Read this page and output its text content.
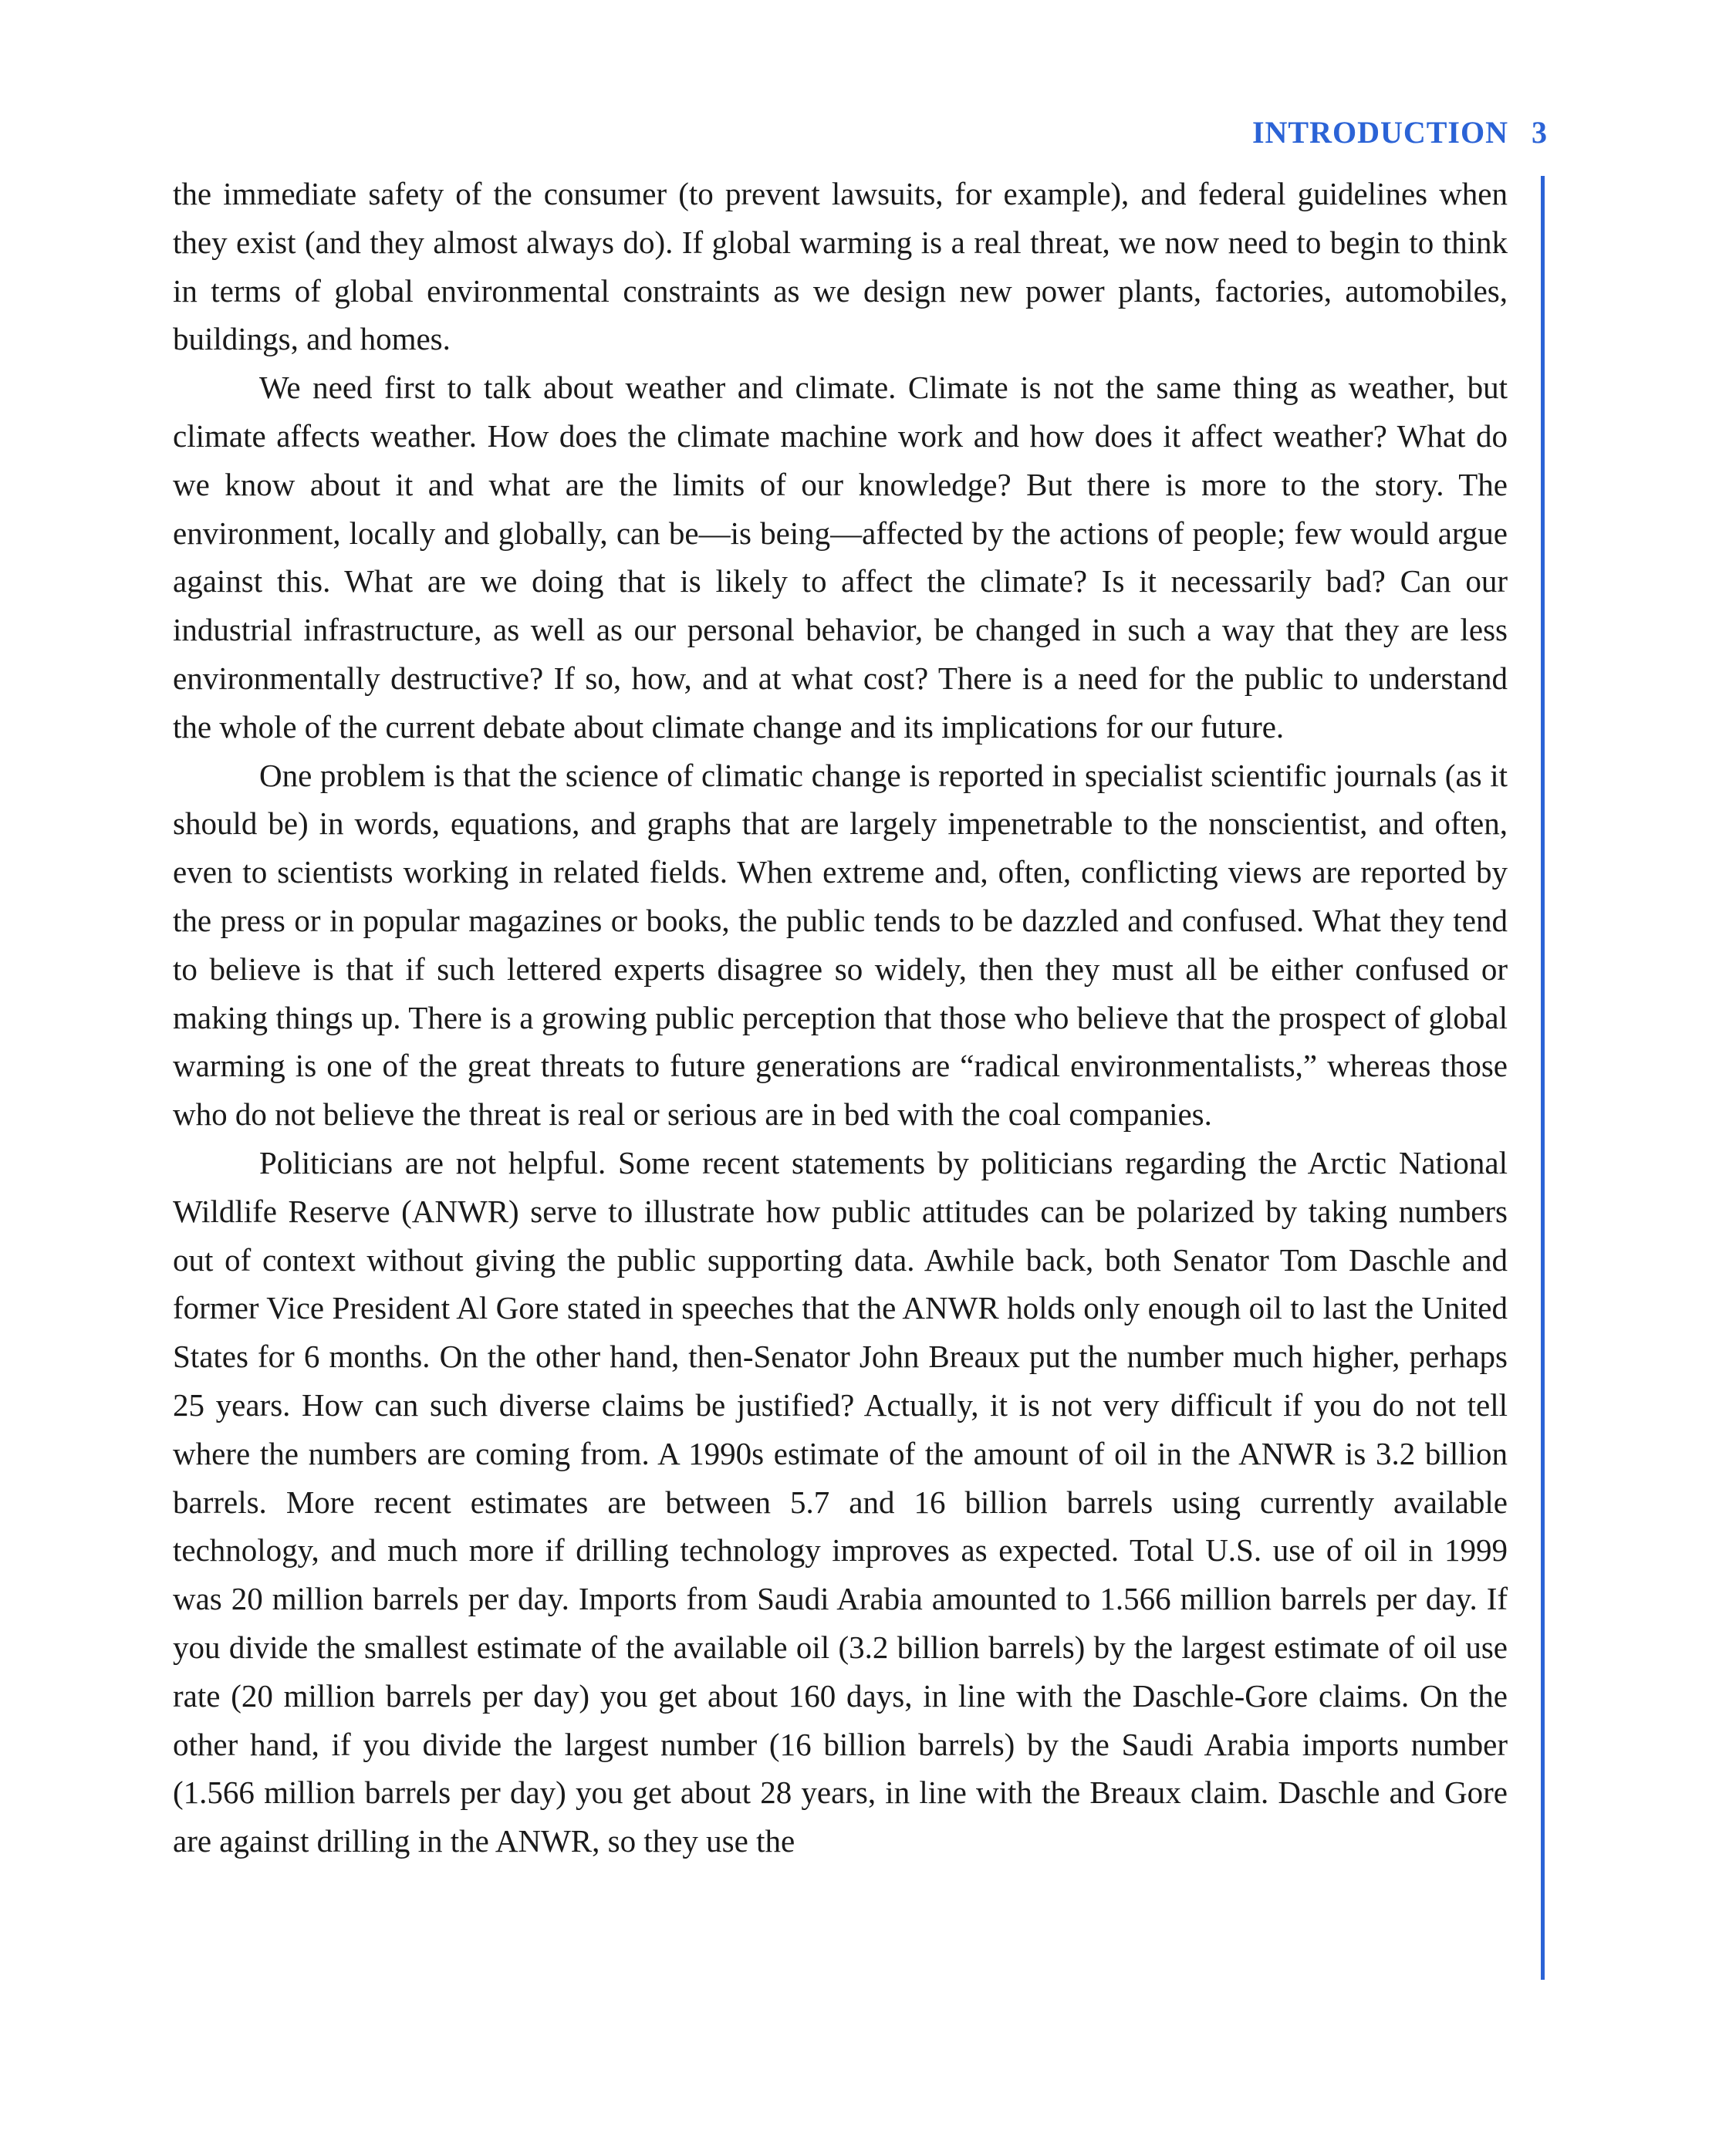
INTRODUCTION 3

the immediate safety of the consumer (to prevent lawsuits, for example), and federal guidelines when they exist (and they almost always do). If global warming is a real threat, we now need to begin to think in terms of global environmental constraints as we design new power plants, factories, automobiles, buildings, and homes.

We need first to talk about weather and climate. Climate is not the same thing as weather, but climate affects weather. How does the climate machine work and how does it affect weather? What do we know about it and what are the limits of our knowledge? But there is more to the story. The environment, locally and globally, can be—is being—affected by the actions of people; few would argue against this. What are we doing that is likely to affect the climate? Is it necessarily bad? Can our industrial infrastructure, as well as our personal behavior, be changed in such a way that they are less environmentally destructive? If so, how, and at what cost? There is a need for the public to understand the whole of the current debate about climate change and its implications for our future.

One problem is that the science of climatic change is reported in specialist scientific journals (as it should be) in words, equations, and graphs that are largely impenetrable to the nonscientist, and often, even to scientists working in related fields. When extreme and, often, conflicting views are reported by the press or in popular magazines or books, the public tends to be dazzled and confused. What they tend to believe is that if such lettered experts disagree so widely, then they must all be either confused or making things up. There is a growing public perception that those who believe that the prospect of global warming is one of the great threats to future generations are “radical environmentalists,” whereas those who do not believe the threat is real or serious are in bed with the coal companies.

Politicians are not helpful. Some recent statements by politicians regarding the Arctic National Wildlife Reserve (ANWR) serve to illustrate how public attitudes can be polarized by taking numbers out of context without giving the public supporting data. Awhile back, both Senator Tom Daschle and former Vice President Al Gore stated in speeches that the ANWR holds only enough oil to last the United States for 6 months. On the other hand, then-Senator John Breaux put the number much higher, perhaps 25 years. How can such diverse claims be justified? Actually, it is not very difficult if you do not tell where the numbers are coming from. A 1990s estimate of the amount of oil in the ANWR is 3.2 billion barrels. More recent estimates are between 5.7 and 16 billion barrels using currently available technology, and much more if drilling technology improves as expected. Total U.S. use of oil in 1999 was 20 million barrels per day. Imports from Saudi Arabia amounted to 1.566 million barrels per day. If you divide the smallest estimate of the available oil (3.2 billion barrels) by the largest estimate of oil use rate (20 million barrels per day) you get about 160 days, in line with the Daschle-Gore claims. On the other hand, if you divide the largest number (16 billion barrels) by the Saudi Arabia imports number (1.566 million barrels per day) you get about 28 years, in line with the Breaux claim. Daschle and Gore are against drilling in the ANWR, so they use the
